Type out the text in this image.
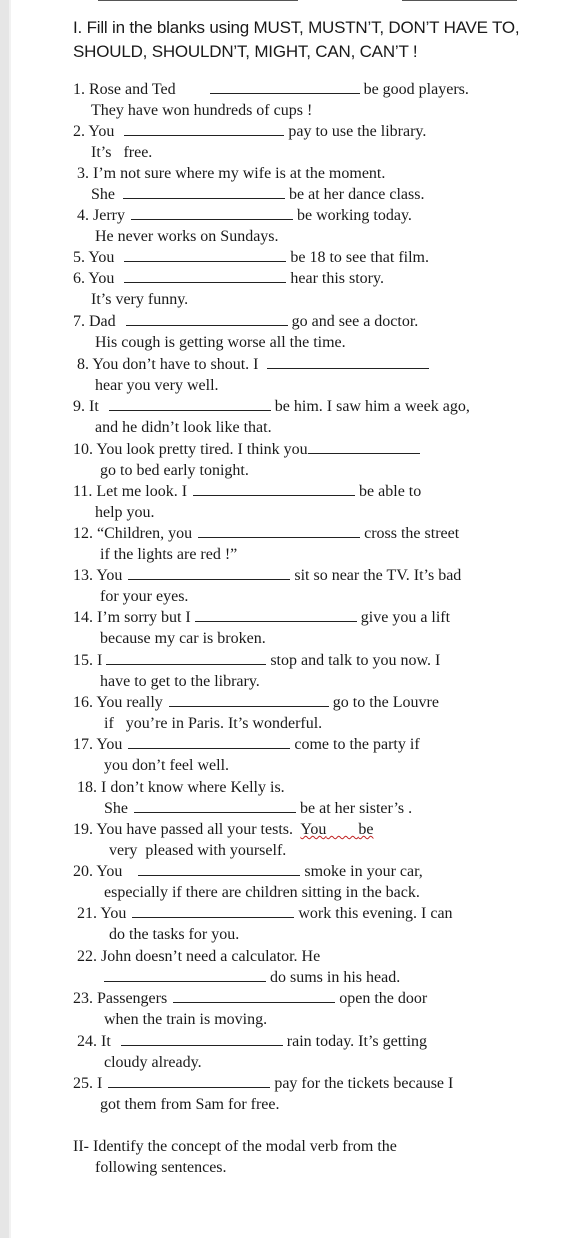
I. Fill in the blanks using MUST, MUSTN’T, DON’T HAVE TO, SHOULD, SHOULDN’T, MIGHT, CAN, CAN’T !
1. Rose and Ted	be good players.
They have won hundreds of cups !
2. You	pay to use the library.
It’s   free.
3. I’m not sure where my wife is at the moment.
She	be at her dance class.
4. Jerry	be working today.
He never works on Sundays.
5. You	be 18 to see that film.
6. You	hear this story.
It’s very funny.
7. Dad	go and see a doctor.
His cough is getting worse all the time.
8. You don’t have to shout. I
hear you very well.
9. It	be him. I saw him a week ago,
and he didn’t look like that.
10. You look pretty tired. I think you
go to bed early tonight.
11. Let me look. I	be able to
help you.
12. “Children, you	cross the street
if the lights are red !”
13. You	sit so near the TV. It’s bad
for your eyes.
14. I’m sorry but I	give you a lift
because my car is broken.
15. I	stop and talk to you now. I
have to get to the library.
16. You really	go to the Louvre
if   you’re in Paris. It’s wonderful.
17. You	come to the party if
you don’t feel well.
18. I don’t know where Kelly is.
She	be at her sister’s .
19. You have passed all your tests. You be
very  pleased with yourself.
20. You	smoke in your car,
especially if there are children sitting in the back.
21. You	work this evening. I can
do the tasks for you.
22. John doesn’t need a calculator. He
do sums in his head.
23. Passengers	open the door
when the train is moving.
24. It	rain today. It’s getting
cloudy already.
25. I	pay for the tickets because I
got them from Sam for free.
II- Identify the concept of the modal verb from the
following sentences.
